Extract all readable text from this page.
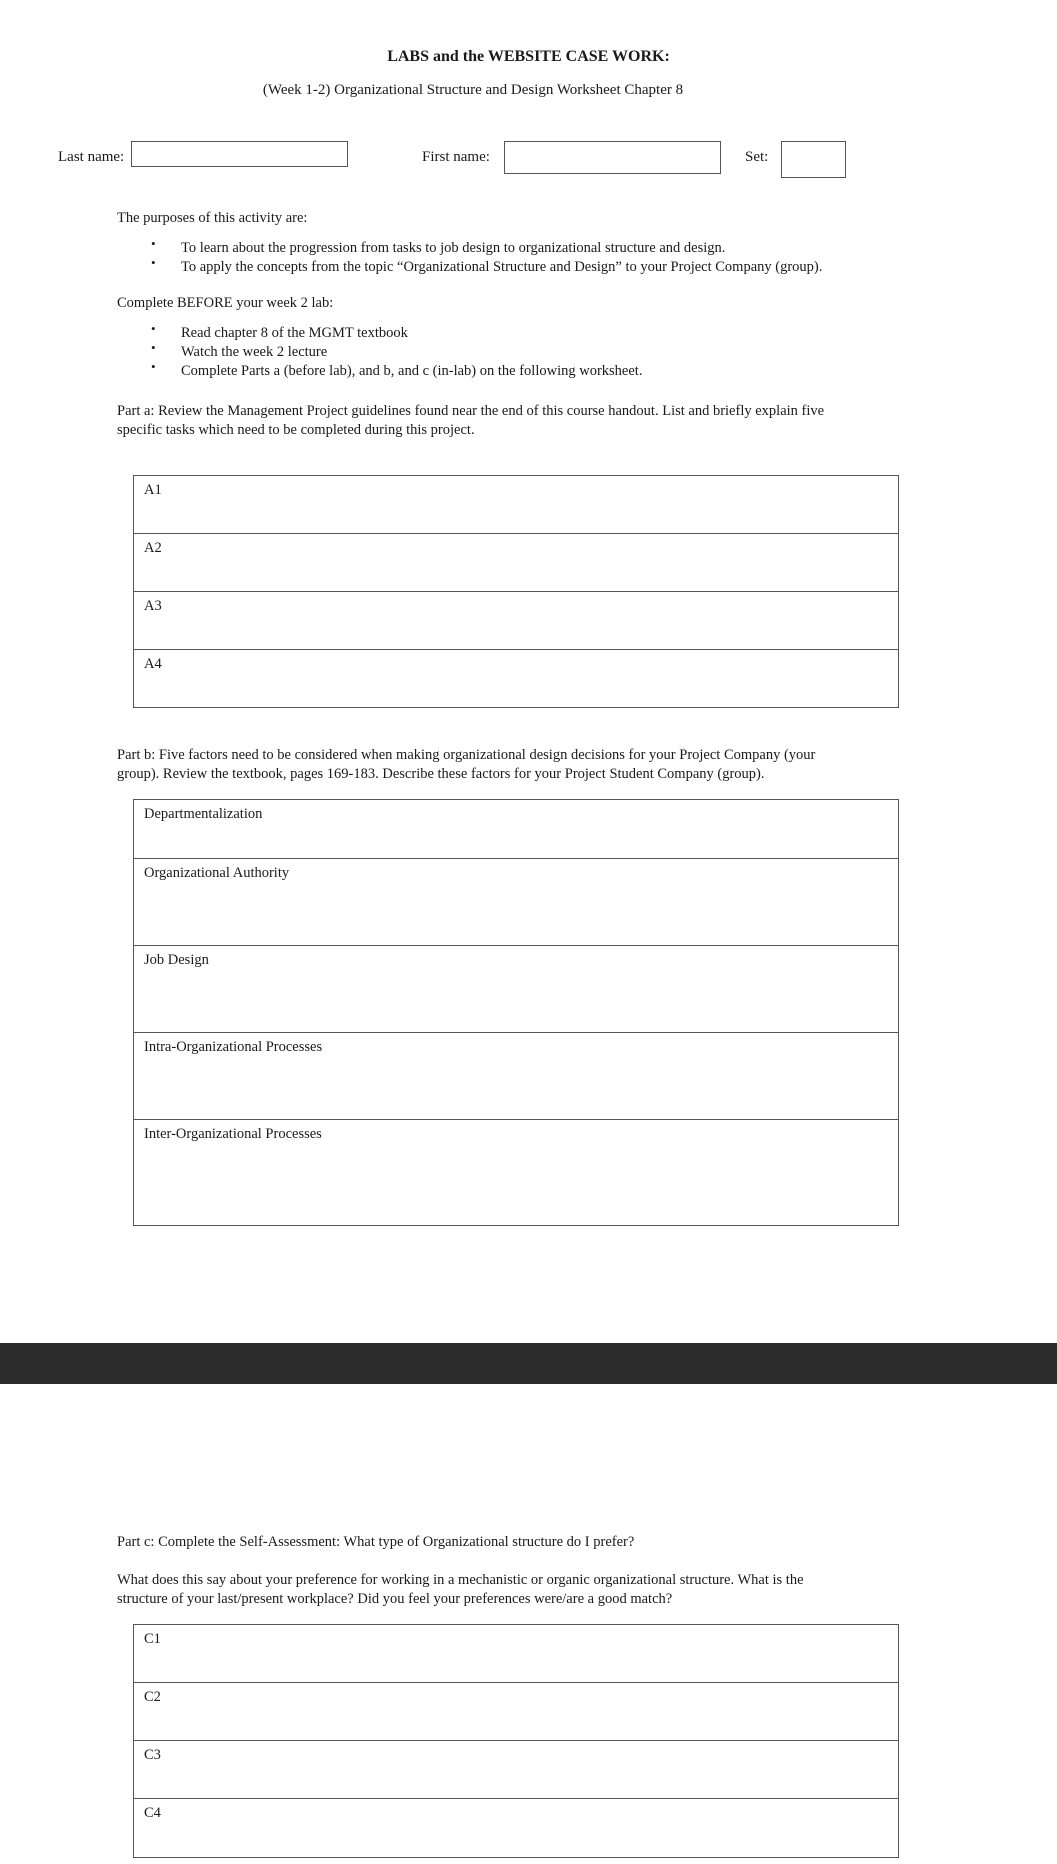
LABS and the WEBSITE CASE WORK:
(Week 1-2) Organizational Structure and Design Worksheet Chapter 8
Last name:	First name:	Set:
The purposes of this activity are:
• To learn about the progression from tasks to job design to organizational structure and design.
• To apply the concepts from the topic “Organizational Structure and Design” to your Project Company (group).
Complete BEFORE your week 2 lab:
• Read chapter 8 of the MGMT textbook
• Watch the week 2 lecture
• Complete Parts a (before lab), and b, and c (in-lab) on the following worksheet.
Part a: Review the Management Project guidelines found near the end of this course handout. List and briefly explain five
specific tasks which need to be completed during this project.
A1
A2
A3
A4
Part b: Five factors need to be considered when making organizational design decisions for your Project Company (your
group). Review the textbook, pages 169-183. Describe these factors for your Project Student Company (group).
Departmentalization
Organizational Authority
Job Design
Intra-Organizational Processes
Inter-Organizational Processes
Part c: Complete the Self-Assessment: What type of Organizational structure do I prefer?
What does this say about your preference for working in a mechanistic or organic organizational structure. What is the
structure of your last/present workplace? Did you feel your preferences were/are a good match?
C1
C2
C3
C4
